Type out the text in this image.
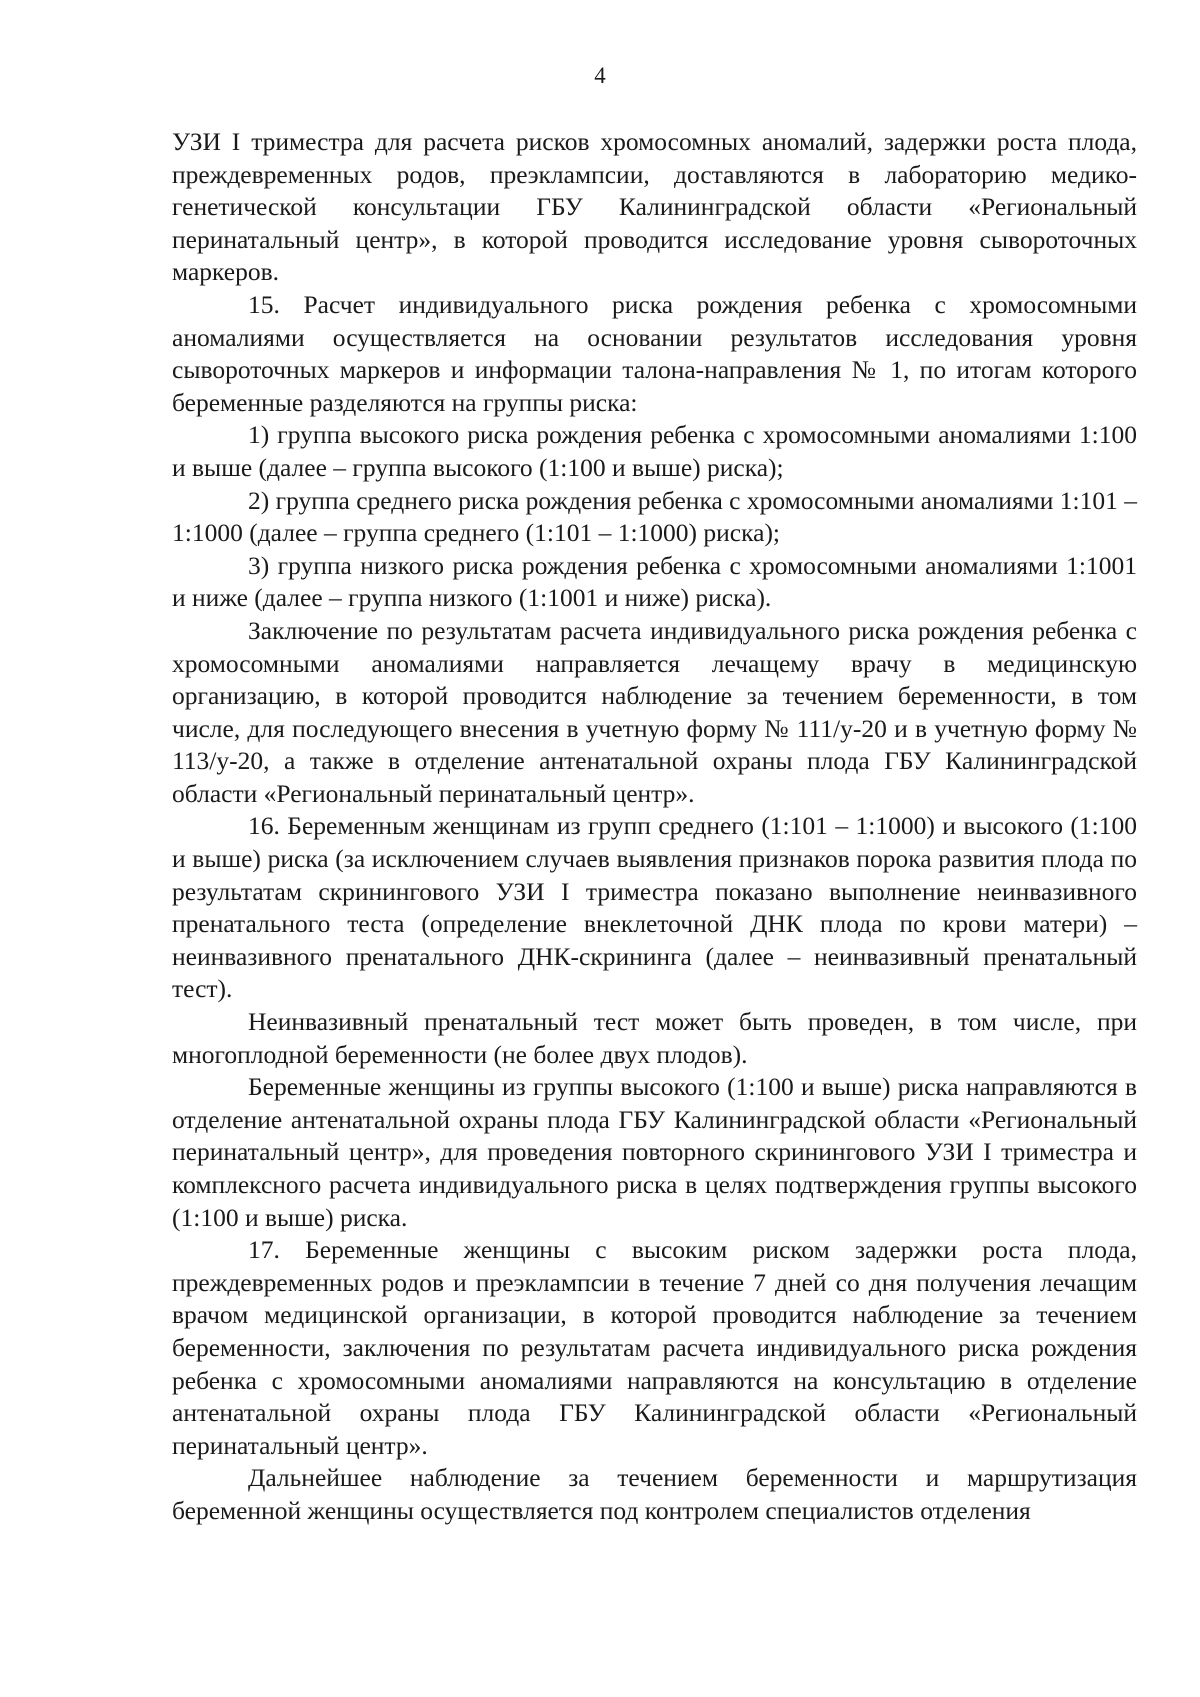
4

УЗИ I триместра для расчета рисков хромосомных аномалий, задержки роста плода, преждевременных родов, преэклампсии, доставляются в лабораторию медико-генетической консультации ГБУ Калининградской области «Региональный перинатальный центр», в которой проводится исследование уровня сывороточных маркеров.

15. Расчет индивидуального риска рождения ребенка с хромосомными аномалиями осуществляется на основании результатов исследования уровня сывороточных маркеров и информации талона-направления № 1, по итогам которого беременные разделяются на группы риска:

1) группа высокого риска рождения ребенка с хромосомными аномалиями 1:100 и выше (далее – группа высокого (1:100 и выше) риска);

2) группа среднего риска рождения ребенка с хромосомными аномалиями 1:101 – 1:1000 (далее – группа среднего (1:101 – 1:1000) риска);

3) группа низкого риска рождения ребенка с хромосомными аномалиями 1:1001 и ниже (далее – группа низкого (1:1001 и ниже) риска).

Заключение по результатам расчета индивидуального риска рождения ребенка с хромосомными аномалиями направляется лечащему врачу в медицинскую организацию, в которой проводится наблюдение за течением беременности, в том числе, для последующего внесения в учетную форму № 111/у-20 и в учетную форму № 113/у-20, а также в отделение антенатальной охраны плода ГБУ Калининградской области «Региональный перинатальный центр».

16. Беременным женщинам из групп среднего (1:101 – 1:1000) и высокого (1:100 и выше) риска (за исключением случаев выявления признаков порока развития плода по результатам скринингового УЗИ I триместра показано выполнение неинвазивного пренатального теста (определение внеклеточной ДНК плода по крови матери) – неинвазивного пренатального ДНК-скрининга (далее – неинвазивный пренатальный тест).

Неинвазивный пренатальный тест может быть проведен, в том числе, при многоплодной беременности (не более двух плодов).

Беременные женщины из группы высокого (1:100 и выше) риска направляются в отделение антенатальной охраны плода ГБУ Калининградской области «Региональный перинатальный центр», для проведения повторного скринингового УЗИ I триместра и комплексного расчета индивидуального риска в целях подтверждения группы высокого (1:100 и выше) риска.

17. Беременные женщины с высоким риском задержки роста плода, преждевременных родов и преэклампсии в течение 7 дней со дня получения лечащим врачом медицинской организации, в которой проводится наблюдение за течением беременности, заключения по результатам расчета индивидуального риска рождения ребенка с хромосомными аномалиями направляются на консультацию в отделение антенатальной охраны плода ГБУ Калининградской области «Региональный перинатальный центр».

Дальнейшее наблюдение за течением беременности и маршрутизация беременной женщины осуществляется под контролем специалистов отделения
